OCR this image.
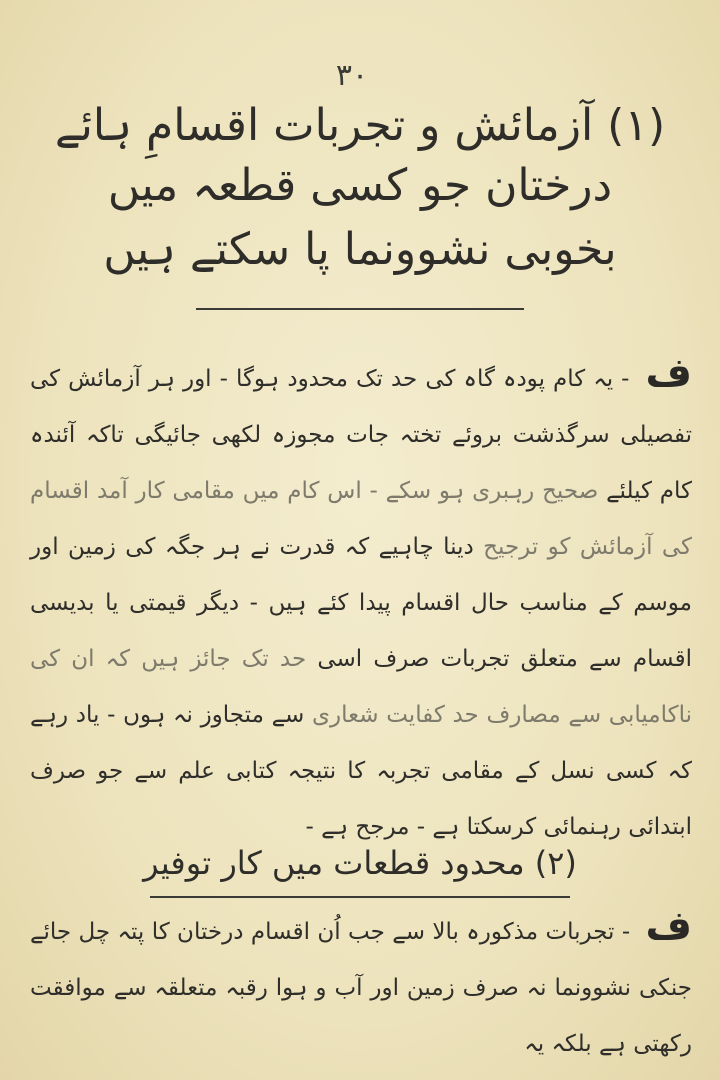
۳۰
(۱) آزمائش و تجربات اقسامِ ہائے درختان جو کسی قطعہ میں
بخوبی نشوونما پا سکتے ہیں
ف - یہ کام پودہ گاہ کی حد تک محدود ہوگا - اور ہر آزمائش کی تفصیلی سرگذشت بروئے تختہ جات مجوزہ لکھی جائیگی تاکہ آئندہ کام کیلئے صحیح رہبری ہو سکے - اس کام میں مقامی کار آمد اقسام کی آزمائش کو ترجیح دینا چاہیے کہ قدرت نے ہر جگہ کی زمین اور موسم کے مناسب حال اقسام پیدا کئے ہیں - دیگر قیمتی یا بدیسی اقسام سے متعلق تجربات صرف اسی حد تک جائز ہیں کہ ان کی ناکامیابی سے مصارف حد کفایت شعاری سے متجاوز نہ ہوں - یاد رہے کہ کسی نسل کے مقامی تجربہ کا نتیجہ کتابی علم سے جو صرف ابتدائی رہنمائی کرسکتا ہے - مرجح ہے -
(۲) محدود قطعات میں کار توفیر
ف - تجربات مذکورہ بالا سے جب اُن اقسام درختان کا پتہ چل جائے جنکی نشوونما نہ صرف زمین اور آب و ہوا رقبہ متعلقہ سے موافقت رکھتی ہے بلکہ یہ
